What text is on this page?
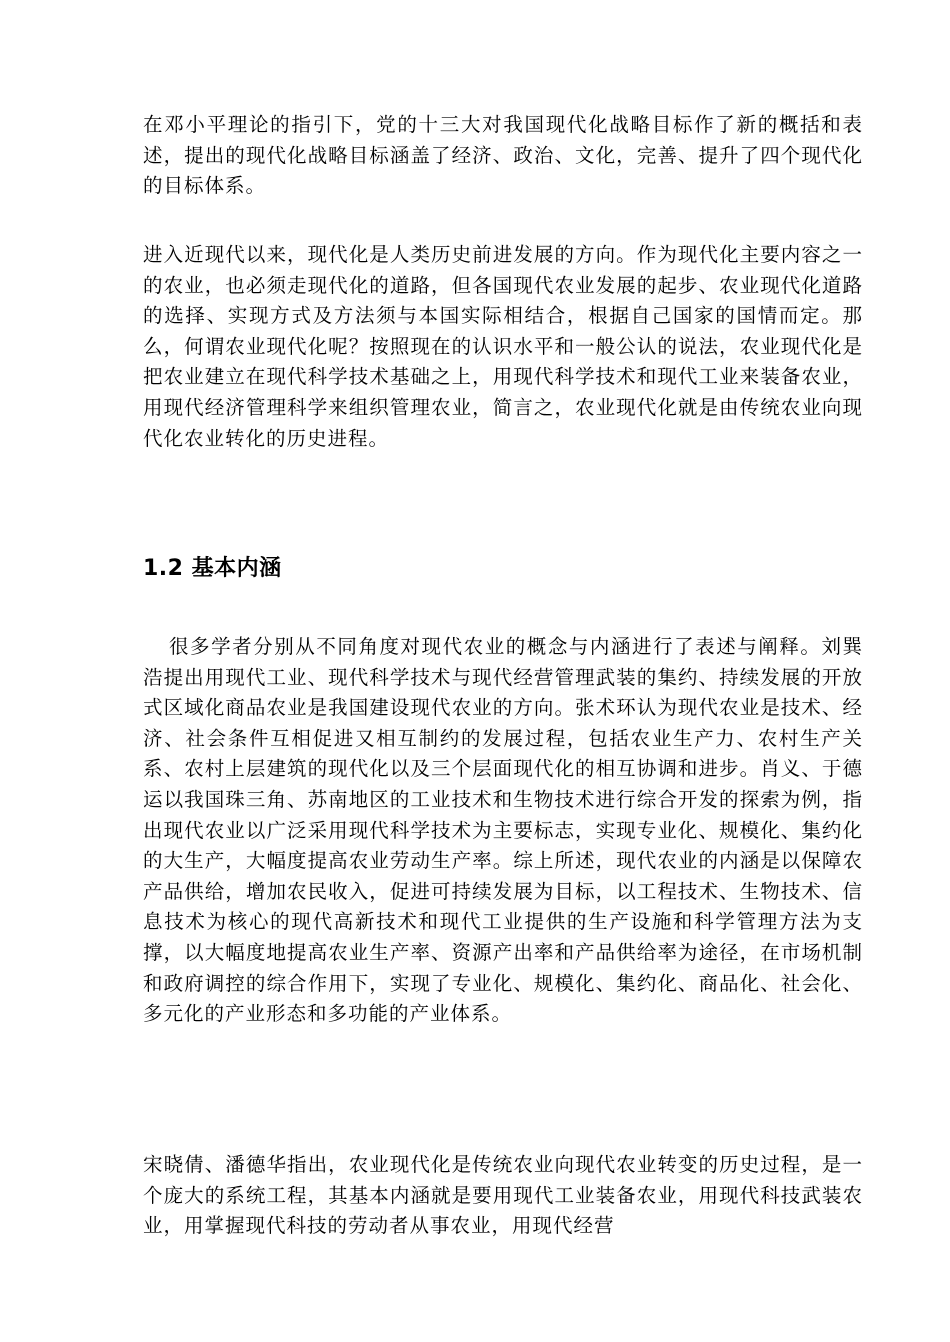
在邓小平理论的指引下，党的十三大对我国现代化战略目标作了新的概括和表述，提出的现代化战略目标涵盖了经济、政治、文化，完善、提升了四个现代化的目标体系。

进入近现代以来，现代化是人类历史前进发展的方向。作为现代化主要内容之一的农业，也必须走现代化的道路，但各国现代农业发展的起步、农业现代化道路的选择、实现方式及方法须与本国实际相结合，根据自己国家的国情而定。那么，何谓农业现代化呢？按照现在的认识水平和一般公认的说法，农业现代化是把农业建立在现代科学技术基础之上，用现代科学技术和现代工业来装备农业，用现代经济管理科学来组织管理农业，简言之，农业现代化就是由传统农业向现代化农业转化的历史进程。

1.2 基本内涵

很多学者分别从不同角度对现代农业的概念与内涵进行了表述与阐释。刘巽浩提出用现代工业、现代科学技术与现代经营管理武装的集约、持续发展的开放式区域化商品农业是我国建设现代农业的方向。张术环认为现代农业是技术、经济、社会条件互相促进又相互制约的发展过程，包括农业生产力、农村生产关系、农村上层建筑的现代化以及三个层面现代化的相互协调和进步。肖义、于德运以我国珠三角、苏南地区的工业技术和生物技术进行综合开发的探索为例，指出现代农业以广泛采用现代科学技术为主要标志，实现专业化、规模化、集约化的大生产，大幅度提高农业劳动生产率。综上所述，现代农业的内涵是以保障农产品供给，增加农民收入，促进可持续发展为目标，以工程技术、生物技术、信息技术为核心的现代高新技术和现代工业提供的生产设施和科学管理方法为支撑，以大幅度地提高农业生产率、资源产出率和产品供给率为途径，在市场机制和政府调控的综合作用下，实现了专业化、规模化、集约化、商品化、社会化、多元化的产业形态和多功能的产业体系。

宋晓倩、潘德华指出，农业现代化是传统农业向现代农业转变的历史过程，是一个庞大的系统工程，其基本内涵就是要用现代工业装备农业，用现代科技武装农业，用掌握现代科技的劳动者从事农业，用现代经营
